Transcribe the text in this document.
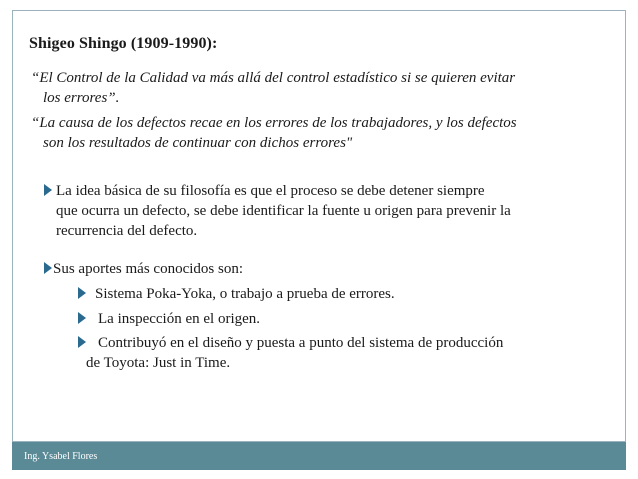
Shigeo Shingo (1909-1990):
“El Control de la Calidad va más allá del control estadístico si se quieren evitar
los errores”.
“La causa de los defectos recae en los errores de los trabajadores, y los defectos
son los resultados de continuar con dichos errores"
La idea básica de su filosofía es que el proceso se debe detener siempre
que ocurra un defecto, se debe identificar la fuente u origen para prevenir la
recurrencia del defecto.
Sus aportes más conocidos son:
Sistema Poka-Yoka, o trabajo a prueba de errores.
La inspección en el origen.
Contribuyó en el diseño y puesta a punto del sistema de producción
de Toyota: Just in Time.
Ing. Ysabel Flores
